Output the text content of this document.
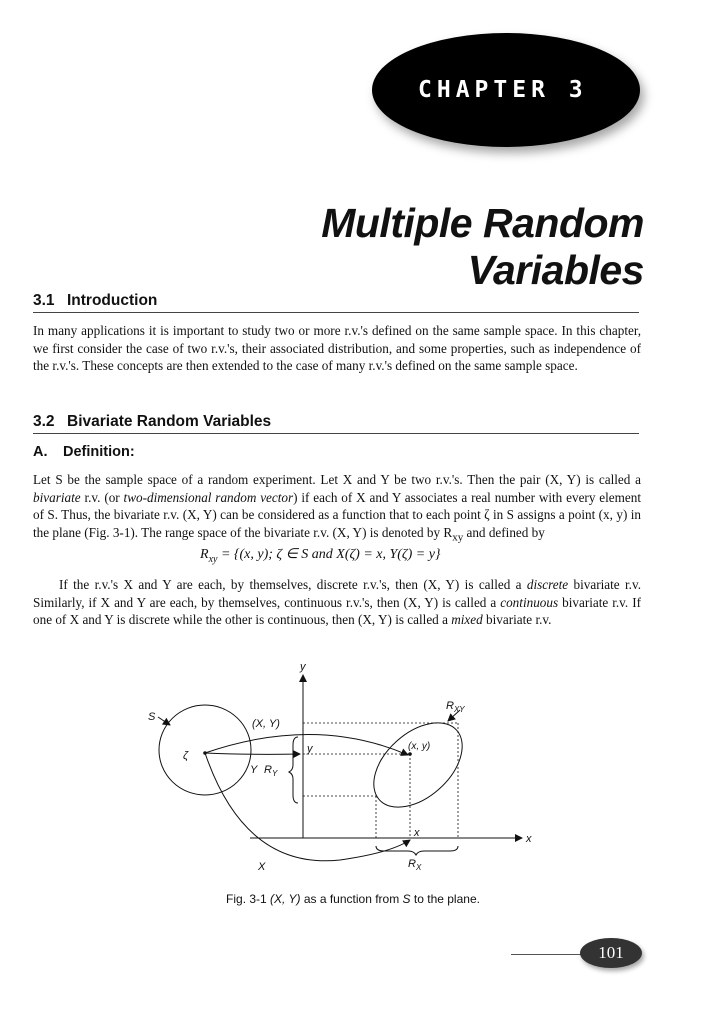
CHAPTER 3
Multiple Random Variables
3.1 Introduction

In many applications it is important to study two or more r.v.'s defined on the same sample space. In this chapter, we first consider the case of two r.v.'s, their associated distribution, and some properties, such as independence of the r.v.'s. These concepts are then extended to the case of many r.v.'s defined on the same sample space.

3.2 Bivariate Random Variables
A. Definition:

Let S be the sample space of a random experiment. Let X and Y be two r.v.'s. Then the pair (X, Y) is called a bivariate r.v. (or two-dimensional random vector) if each of X and Y associates a real number with every element of S. Thus, the bivariate r.v. (X, Y) can be considered as a function that to each point ζ in S assigns a point (x, y) in the plane (Fig. 3-1). The range space of the bivariate r.v. (X, Y) is denoted by $R_{xy}$ and defined by

$R_{xy} = \{(x$, y); ζ ∈ S and X(ζ) = x, Y(ζ) = y}

If the r.v.'s X and Y are each, by themselves, discrete r.v.'s, then (X, Y) is called a discrete bivariate r.v. Similarly, if X and Y are each, by themselves, continuous r.v.'s, then (X, Y) is called a continuous bivariate r.v. If one of X and Y is discrete while the other is continuous, then (X, Y) is called a mixed bivariate r.v.

y
x
S
ζ
(X, Y)
Y $R_Y$
$R_{XY}$
(x, y)
y
x
X	$R_X$
Fig. 3-1 (X, Y) as a function from S to the plane.
101
